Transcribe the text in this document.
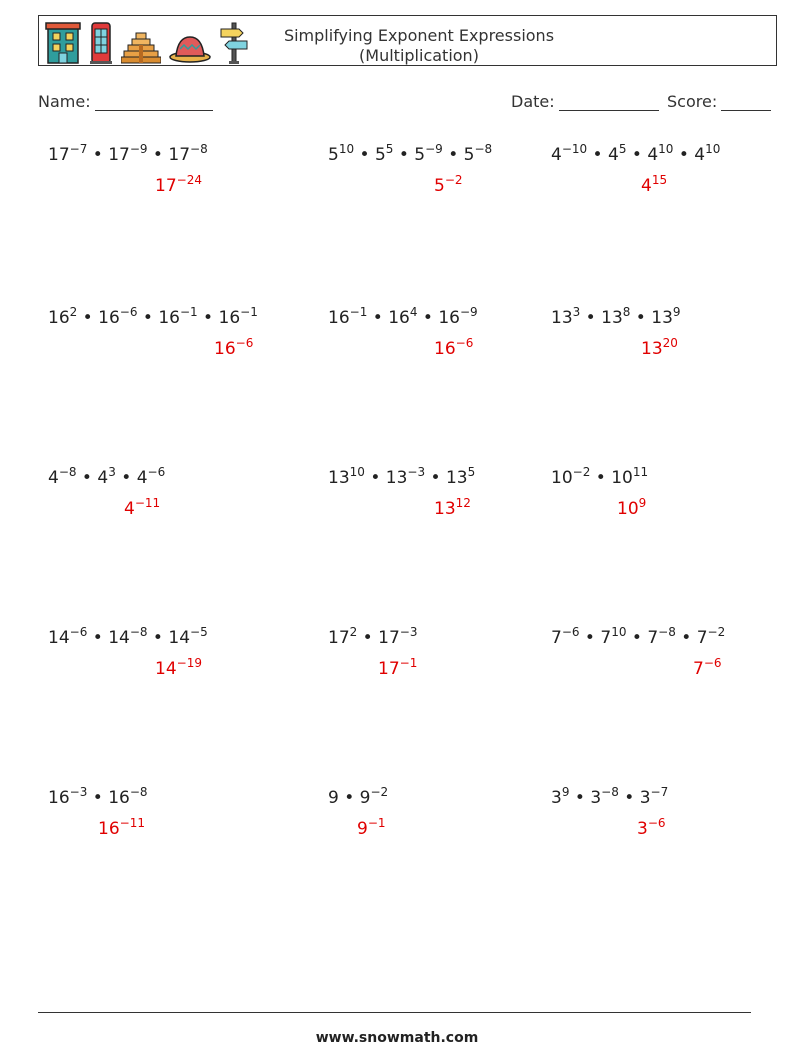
Simplifying Exponent Expressions
(Multiplication)
Name:	Date:	Score:
$17^{-7}$ • $17^{-9}$ • $17^{-8}$
$17^{-24}$
$5^{10}$ • $5^5$ • $5^{-9}$ • $5^{-8}$
$5^{-2}$
$4^{-10}$ • $4^5$ • $4^{10}$ • $4^{10}$
$4^{15}$
$16^2$ • $16^{-6}$ • $16^{-1}$ • $16^{-1}$
$16^{-6}$
$16^{-1}$ • $16^4$ • $16^{-9}$
$16^{-6}$
$13^3$ • $13^8$ • $13^9$
$13^{20}$
$4^{-8}$ • $4^3$ • $4^{-6}$
$4^{-11}$
$13^{10}$ • $13^{-3}$ • $13^5$
$13^{12}$
$10^{-2}$ • $10^{11}$
$10^9$
$14^{-6}$ • $14^{-8}$ • $14^{-5}$
$14^{-19}$
$17^2$ • $17^{-3}$
$17^{-1}$
$7^{-6}$ • $7^{10}$ • $7^{-8}$ • $7^{-2}$
$7^{-6}$
$16^{-3}$ • $16^{-8}$
$16^{-11}$
9 • $9^{-2}$
$9^{-1}$
$3^9$ • $3^{-8}$ • $3^{-7}$
$3^{-6}$
www.snowmath.com
